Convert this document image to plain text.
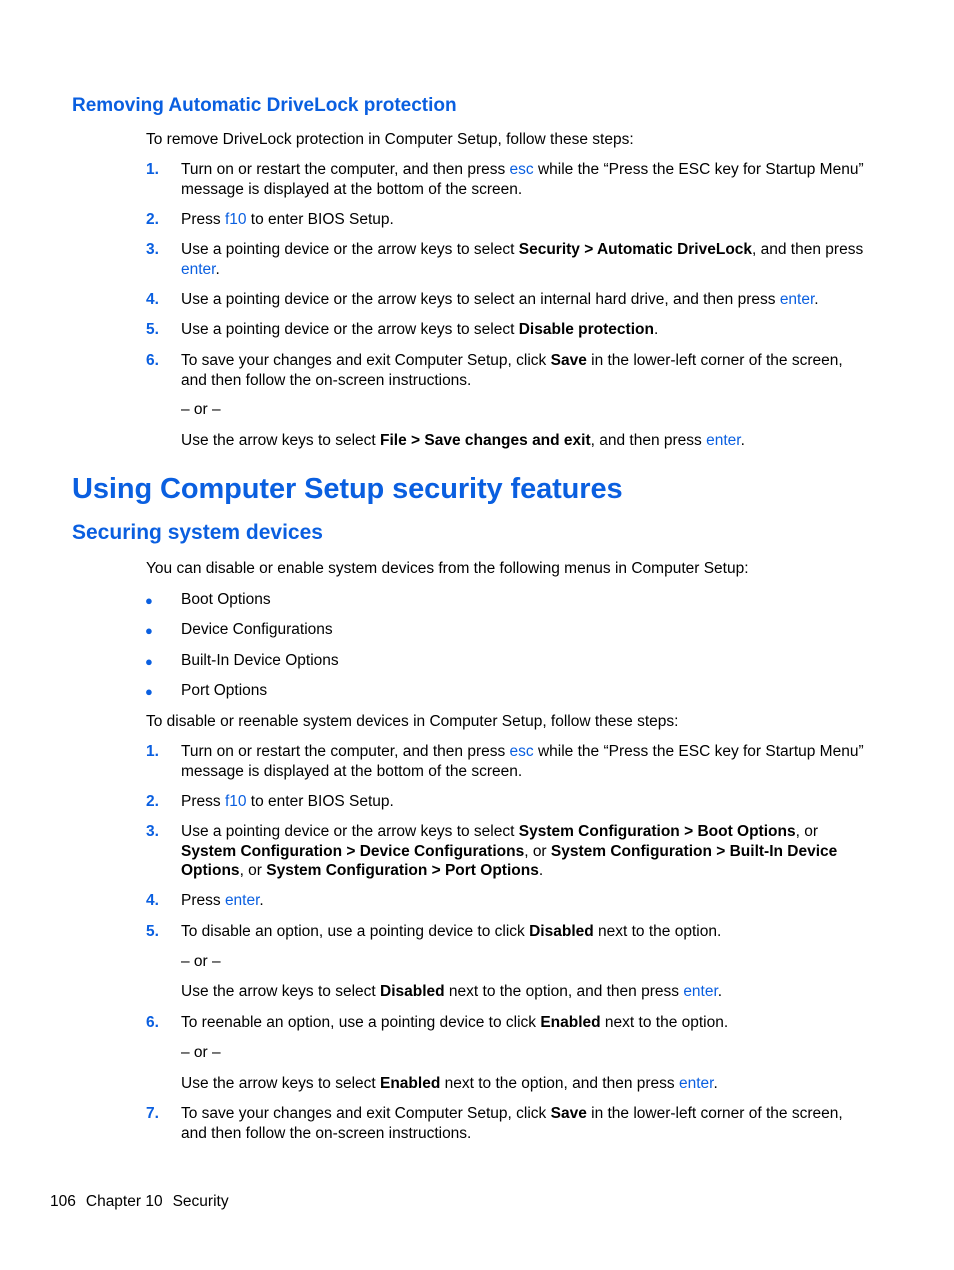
Removing Automatic DriveLock protection

To remove DriveLock protection in Computer Setup, follow these steps:

1. Turn on or restart the computer, and then press esc while the “Press the ESC key for Startup Menu” message is displayed at the bottom of the screen.

2. Press f10 to enter BIOS Setup.

3. Use a pointing device or the arrow keys to select Security > Automatic DriveLock, and then press enter.

4. Use a pointing device or the arrow keys to select an internal hard drive, and then press enter.

5. Use a pointing device or the arrow keys to select Disable protection.

6. To save your changes and exit Computer Setup, click Save in the lower-left corner of the screen, and then follow the on-screen instructions.

– or –

Use the arrow keys to select File > Save changes and exit, and then press enter.

Using Computer Setup security features
Securing system devices

You can disable or enable system devices from the following menus in Computer Setup:

● Boot Options

● Device Configurations

● Built-In Device Options

● Port Options

To disable or reenable system devices in Computer Setup, follow these steps:

1. Turn on or restart the computer, and then press esc while the “Press the ESC key for Startup Menu” message is displayed at the bottom of the screen.

2. Press f10 to enter BIOS Setup.

3. Use a pointing device or the arrow keys to select System Configuration > Boot Options, or System Configuration > Device Configurations, or System Configuration > Built-In Device Options, or System Configuration > Port Options.

4. Press enter.

5. To disable an option, use a pointing device to click Disabled next to the option.

– or –

Use the arrow keys to select Disabled next to the option, and then press enter.

6. To reenable an option, use a pointing device to click Enabled next to the option.

– or –

Use the arrow keys to select Enabled next to the option, and then press enter.

7. To save your changes and exit Computer Setup, click Save in the lower-left corner of the screen, and then follow the on-screen instructions.

106 Chapter 10 Security
